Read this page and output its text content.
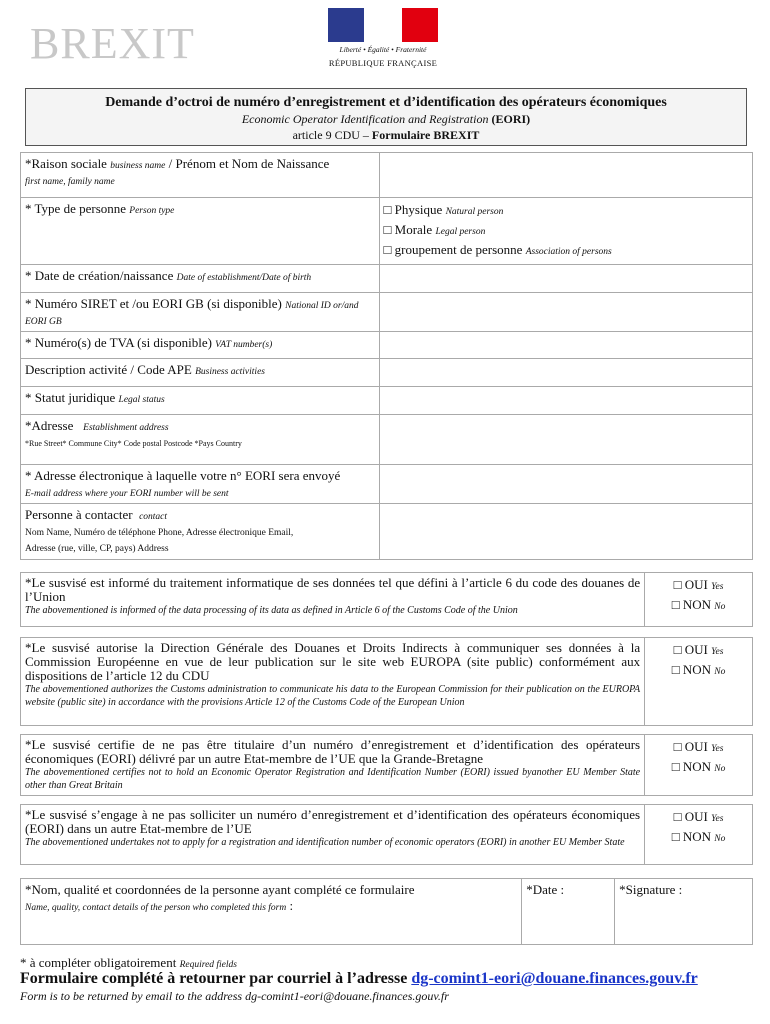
BREXIT	Liberté • Égalité • Fraternité
RÉPUBLIQUE FRANÇAISE
Demande d’octroi de numéro d’enregistrement et d’identification des opérateurs économiques
Economic Operator Identification and Registration (EORI)
article 9 CDU – Formulaire BREXIT
*Raison sociale business name / Prénom et Nom de Naissance
first name, family name	
* Type de personne Person type	□ Physique Natural person
□ Morale Legal person
□ groupement de personne Association of persons

* Date de création/naissance Date of establishment/Date of birth	
* Numéro SIRET et /ou EORI GB (si disponible) National ID or/and EORI GB	
* Numéro(s) de TVA (si disponible) VAT number(s)	
Description activité / Code APE Business activities	
* Statut juridique Legal status	
*Adresse Establishment address
*Rue Street* Commune City* Code postal Postcode *Pays Country	
* Adresse électronique à laquelle votre n° EORI sera envoyé
E-mail address where your EORI number will be sent	
Personne à contacter contact
Nom Name, Numéro de téléphone Phone, Adresse électronique Email,
Adresse (rue, ville, CP, pays) Address	
*Le susvisé est informé du traitement informatique de ses données tel que défini à l’article 6 du code des douanes de l’Union
The abovementioned is informed of the data processing of its data as defined in Article 6 of the Customs Code of the Union

□ OUI Yes
□ NON No
*Le susvisé autorise la Direction Générale des Douanes et Droits Indirects à communiquer ses données à la Commission Européenne en vue de leur publication sur le site web EUROPA (site public) conformément aux dispositions de l’article 12 du CDU
The abovementioned authorizes the Customs administration to communicate his data to the European Commission for their publication on the EUROPA website (public site) in accordance with the provisions Article 12 of the Customs Code of the European Union

□ OUI Yes
□ NON No
*Le susvisé certifie de ne pas être titulaire d’un numéro d’enregistrement et d’identification des opérateurs économiques (EORI) délivré par un autre Etat-membre de l’UE que la Grande-Bretagne
The abovementioned certifies not to hold an Economic Operator Registration and Identification Number (EORI) issued byanother EU Member State other than Great Britain

□ OUI Yes
□ NON No
*Le susvisé s’engage à ne pas solliciter un numéro d’enregistrement et d’identification des opérateurs économiques (EORI) dans un autre Etat-membre de l’UE
The abovementioned undertakes not to apply for a registration and identification number of economic operators (EORI) in another EU Member State

□ OUI Yes
□ NON No
*Nom, qualité et coordonnées de la personne ayant complété ce formulaire
Name, quality, contact details of the person who completed this form :	*Date :	*Signature :
* à compléter obligatoirement Required fields
Formulaire complété à retourner par courriel à l’adresse dg-comint1-eori@douane.finances.gouv.fr
Form is to be returned by email to the address dg-comint1-eori@douane.finances.gouv.fr
